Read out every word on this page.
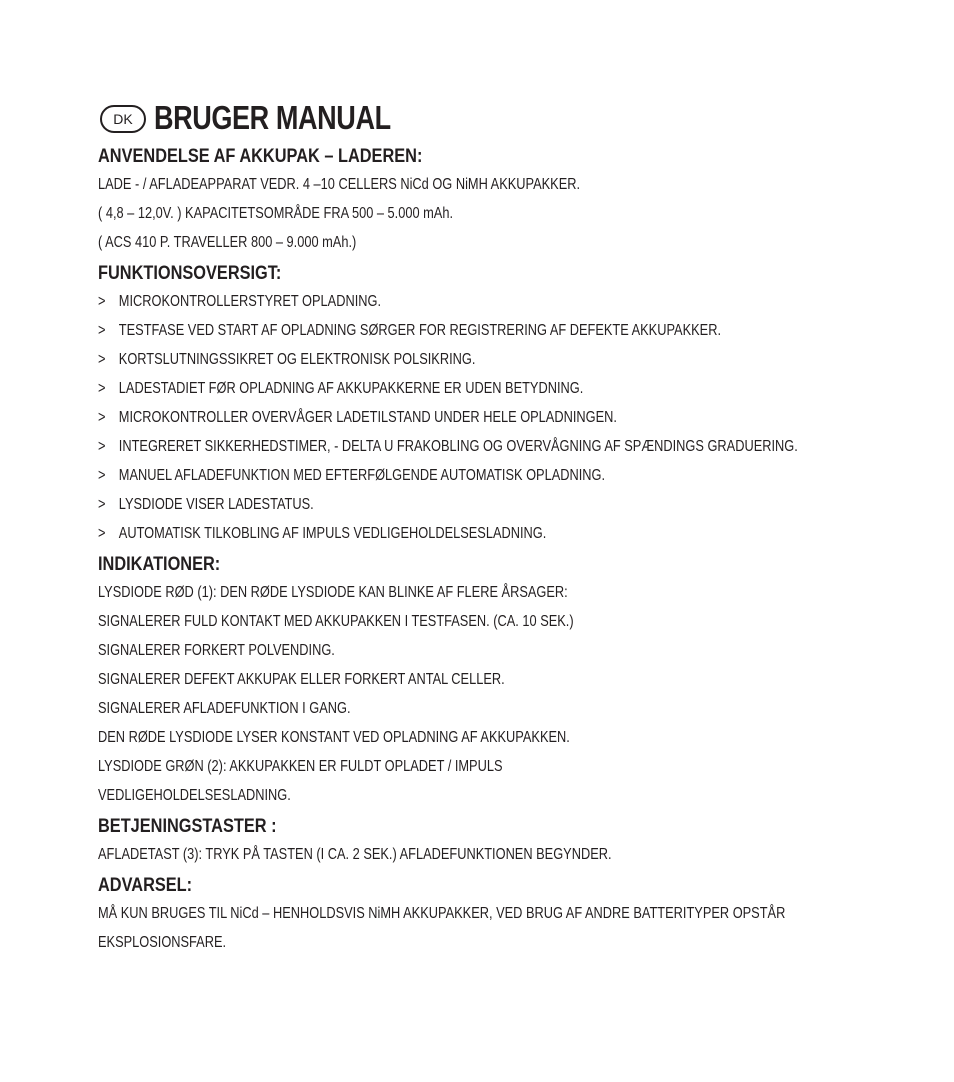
DK BRUGER MANUAL
ANVENDELSE AF AKKUPAK – LADEREN:
LADE - / AFLADEAPPARAT VEDR. 4 –10 CELLERS NiCd OG NiMH AKKUPAKKER.
( 4,8 – 12,0V. ) KAPACITETSOMRÅDE FRA 500 – 5.000 mAh.
( ACS 410 P. TRAVELLER 800 – 9.000 mAh.)
FUNKTIONSOVERSIGT:
> MICROKONTROLLERSTYRET OPLADNING.
> TESTFASE VED START AF OPLADNING SØRGER FOR REGISTRERING AF DEFEKTE AKKUPAKKER.
> KORTSLUTNINGSSIKRET OG ELEKTRONISK POLSIKRING.
> LADESTADIET FØR OPLADNING AF AKKUPAKKERNE ER UDEN BETYDNING.
> MICROKONTROLLER OVERVÅGER LADETILSTAND UNDER HELE OPLADNINGEN.
> INTEGRERET SIKKERHEDSTIMER, - DELTA U FRAKOBLING OG OVERVÅGNING AF SPÆNDINGS GRADUERING.
> MANUEL AFLADEFUNKTION MED EFTERFØLGENDE AUTOMATISK OPLADNING.
> LYSDIODE VISER LADESTATUS.
> AUTOMATISK TILKOBLING AF IMPULS VEDLIGEHOLDELSESLADNING.
INDIKATIONER:
LYSDIODE RØD (1): DEN RØDE LYSDIODE KAN BLINKE AF FLERE ÅRSAGER:
SIGNALERER FULD KONTAKT MED AKKUPAKKEN I TESTFASEN. (CA. 10 SEK.)
SIGNALERER FORKERT POLVENDING.
SIGNALERER DEFEKT AKKUPAK ELLER FORKERT ANTAL CELLER.
SIGNALERER AFLADEFUNKTION I GANG.
DEN RØDE LYSDIODE LYSER KONSTANT VED OPLADNING AF AKKUPAKKEN.
LYSDIODE GRØN (2): AKKUPAKKEN ER FULDT OPLADET / IMPULS
VEDLIGEHOLDELSESLADNING.
BETJENINGSTASTER :
AFLADETAST (3): TRYK PÅ TASTEN (I CA. 2 SEK.) AFLADEFUNKTIONEN BEGYNDER.
ADVARSEL:
MÅ KUN BRUGES TIL NiCd – HENHOLDSVIS NiMH AKKUPAKKER, VED BRUG AF ANDRE BATTERITYPER OPSTÅR
EKSPLOSIONSFARE.
